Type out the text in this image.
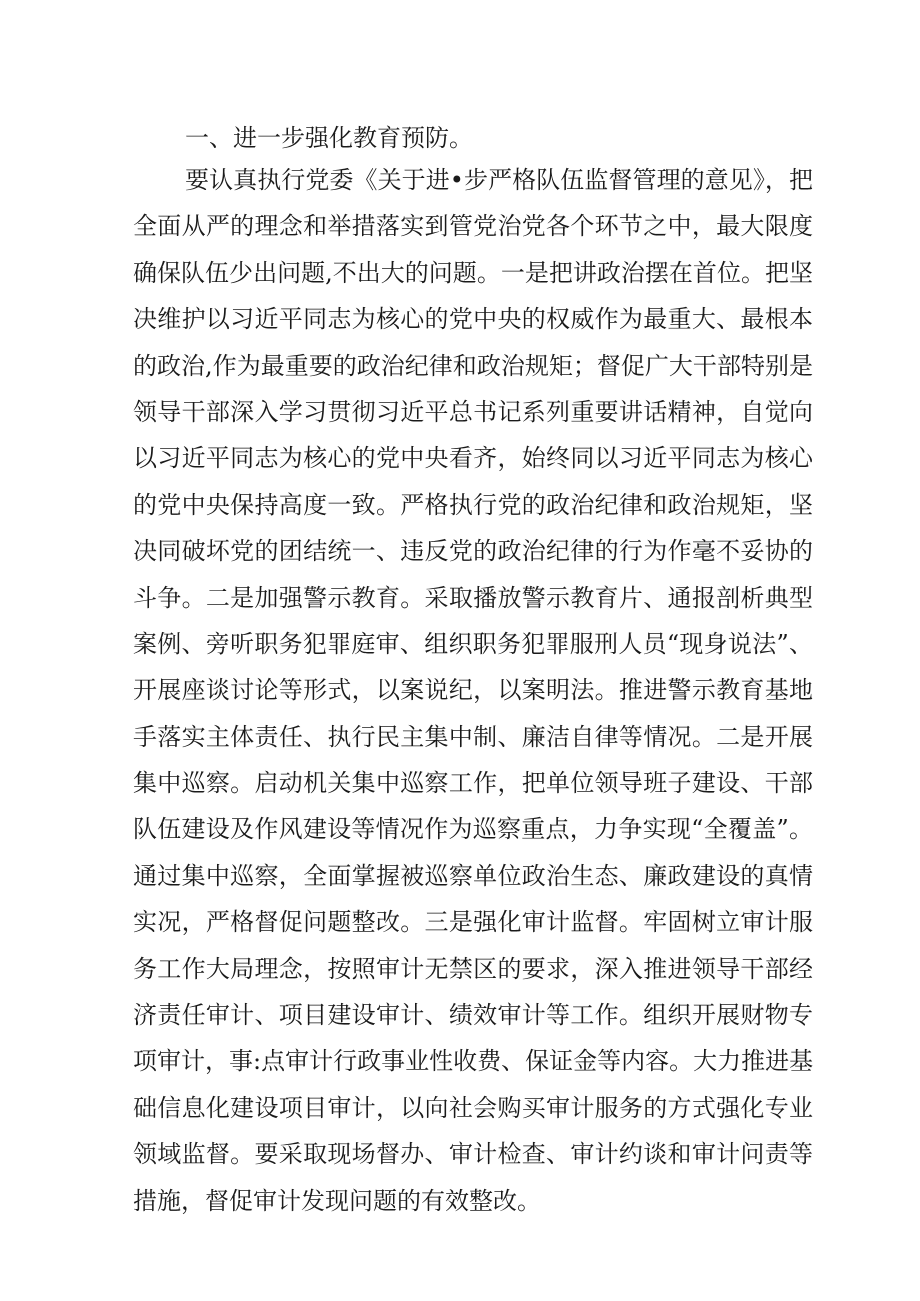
一、进一步强化教育预防。
要认真执行党委《关于进•步严格队伍监督管理的意见》，把
全面从严的理念和举措落实到管党治党各个环节之中，最大限度
确保队伍少出问题,不出大的问题。一是把讲政治摆在首位。把坚
决维护以习近平同志为核心的党中央的权威作为最重大、最根本
的政治,作为最重要的政治纪律和政治规矩；督促广大干部特别是
领导干部深入学习贯彻习近平总书记系列重要讲话精神，自觉向
以习近平同志为核心的党中央看齐，始终同以习近平同志为核心
的党中央保持高度一致。严格执行党的政治纪律和政治规矩，坚
决同破坏党的团结统一、违反党的政治纪律的行为作毫不妥协的
斗争。二是加强警示教育。采取播放警示教育片、通报剖析典型
案例、旁听职务犯罪庭审、组织职务犯罪服刑人员“现身说法”、
开展座谈讨论等形式，以案说纪，以案明法。推进警示教育基地
手落实主体责任、执行民主集中制、廉洁自律等情况。二是开展
集中巡察。启动机关集中巡察工作，把单位领导班子建设、干部
队伍建设及作风建设等情况作为巡察重点，力争实现“全覆盖”。
通过集中巡察，全面掌握被巡察单位政治生态、廉政建设的真情
实况，严格督促问题整改。三是强化审计监督。牢固树立审计服
务工作大局理念，按照审计无禁区的要求，深入推进领导干部经
济责任审计、项目建设审计、绩效审计等工作。组织开展财物专
项审计，事:点审计行政事业性收费、保证金等内容。大力推进基
础信息化建设项目审计，以向社会购买审计服务的方式强化专业
领域监督。要采取现场督办、审计检查、审计约谈和审计问责等
措施，督促审计发现问题的有效整改。
